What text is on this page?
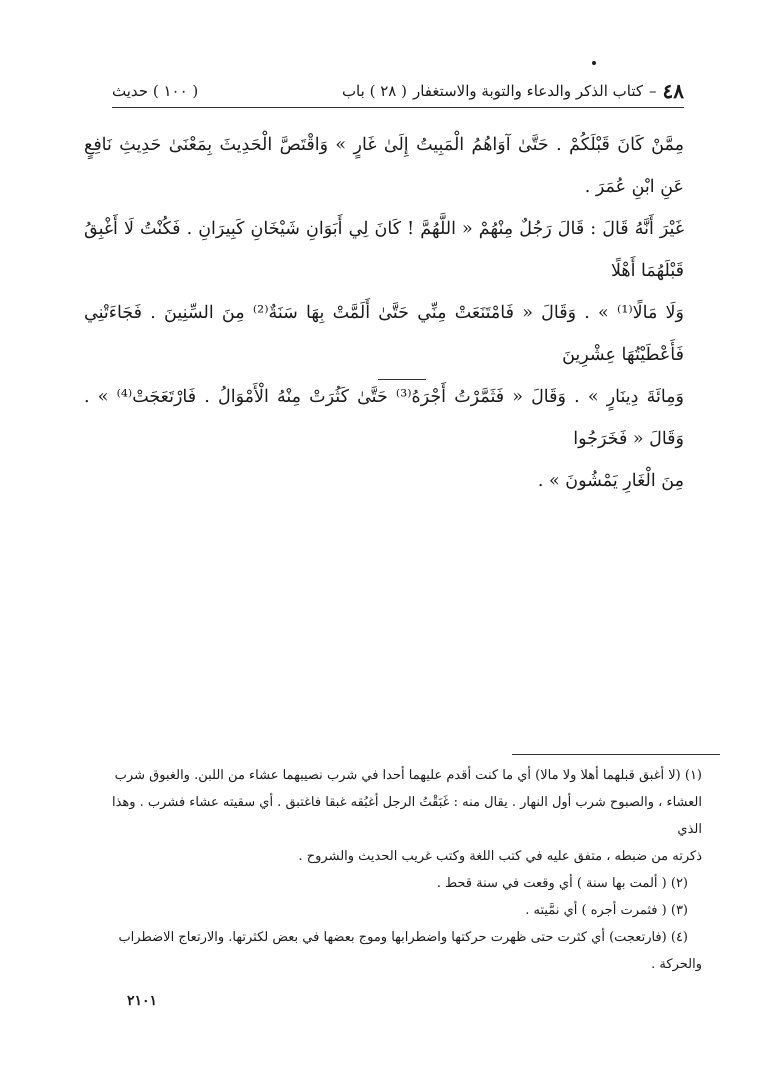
٤٨
–
كتاب الذكر والدعاء والتوبة والاستغفار
( ٢٨ ) باب
( ١٠٠ ) حديث

مِمَّنْ كَانَ قَبْلَكُمْ . حَتَّىٰ آوَاهُمُ الْمَبِيتُ إِلَىٰ غَارٍ » وَاقْتَصَّ الْحَدِيثَ بِمَعْنَىٰ حَدِيثِ نَافِعٍ عَنِ ابْنِ عُمَرَ .

غَيْرَ أَنَّهُ قَالَ : قَالَ رَجُلٌ مِنْهُمْ « اللَّهُمَّ ! كَانَ لِي أَبَوَانِ شَيْخَانِ كَبِيرَانِ . فَكُنْتُ لَا أَغْبِقُ قَبْلَهُمَا أَهْلًا

وَلَا مَالًا⁽¹⁾ » . وَقَالَ « فَامْتَنَعَتْ مِنِّي حَتَّىٰ أَلَمَّتْ بِهَا سَنَةٌ⁽²⁾ مِنَ السِّنِينَ . فَجَاءَتْنِي فَأَعْطَيْتُهَا عِشْرِينَ

وَمِائَةَ دِينَارٍ » . وَقَالَ « فَثَمَّرْتُ أَجْرَهُ⁽³⁾ حَتَّىٰ كَثُرَتْ مِنْهُ الْأَمْوَالُ . فَارْتَعَجَتْ⁽⁴⁾ » . وَقَالَ « فَخَرَجُوا

مِنَ الْغَارِ يَمْشُونَ » .

(١) (لا أغبق قبلهما أهلا ولا مالا) أي ما كنت أقدم عليهما أحدا في شرب نصيبهما عشاء من اللبن. والغبوق شرب

العشاء ، والصبوح شرب أول النهار . يقال منه : غَبَقْتُ الرجل أغبُقه غبقا فاغتبق . أي سقيته عشاء فشرب . وهذا الذي

ذكرته من ضبطه ، متفق عليه في كتب اللغة وكتب غريب الحديث والشروح .

(٢) ( ألمت بها سنة ) أي وقعت في سنة قحط .

(٣) ( فثمرت أجره ) أي نمَّيته .

(٤) (فارتعجت) أي كثرت حتى ظهرت حركتها واضطرابها وموج بعضها في بعض لكثرتها. والارتعاج الاضطراب

والحركة .

٢١٠١
